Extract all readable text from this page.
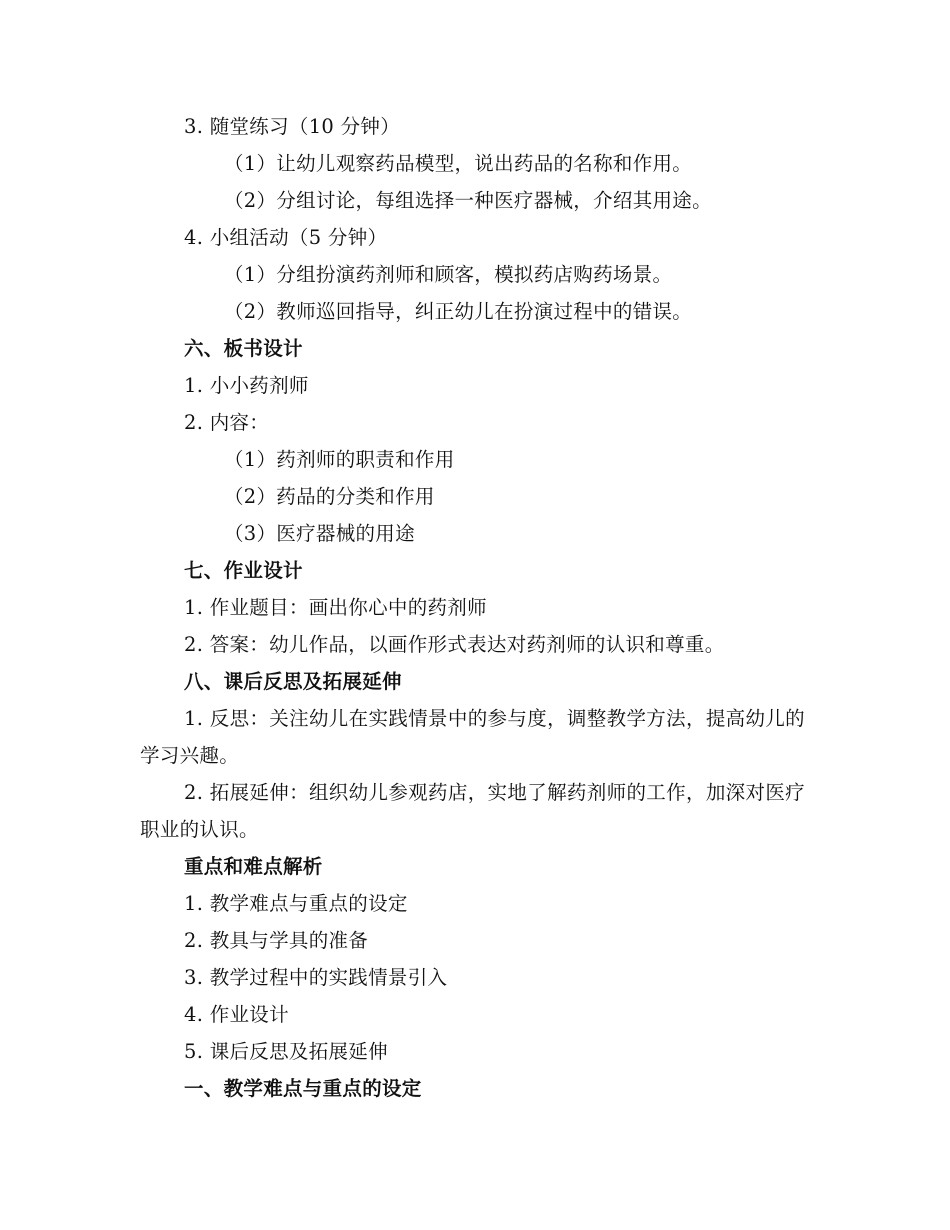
3. 随堂练习（10 分钟）
（1）让幼儿观察药品模型，说出药品的名称和作用。
（2）分组讨论，每组选择一种医疗器械，介绍其用途。
4. 小组活动（5 分钟）
（1）分组扮演药剂师和顾客，模拟药店购药场景。
（2）教师巡回指导，纠正幼儿在扮演过程中的错误。
六、板书设计
1. 小小药剂师
2. 内容：
（1）药剂师的职责和作用
（2）药品的分类和作用
（3）医疗器械的用途
七、作业设计
1. 作业题目：画出你心中的药剂师
2. 答案：幼儿作品，以画作形式表达对药剂师的认识和尊重。
八、课后反思及拓展延伸
1. 反思：关注幼儿在实践情景中的参与度，调整教学方法，提高幼儿的学习兴趣。
2. 拓展延伸：组织幼儿参观药店，实地了解药剂师的工作，加深对医疗职业的认识。
重点和难点解析
1. 教学难点与重点的设定
2. 教具与学具的准备
3. 教学过程中的实践情景引入
4. 作业设计
5. 课后反思及拓展延伸
一、教学难点与重点的设定
